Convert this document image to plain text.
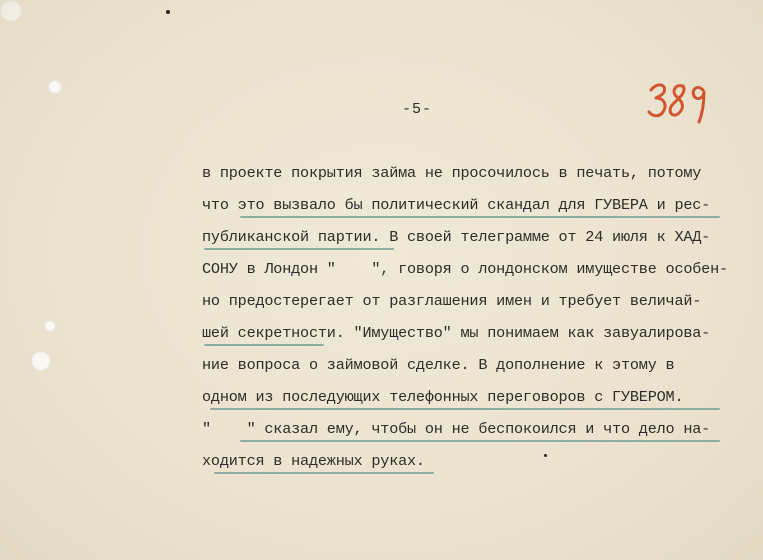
-5-
в проекте покрытия займа не просочилось в печать, потому
что это вызвало бы политический скандал для ГУВЕРА и рес-
публиканской партии. В своей телеграмме от 24 июля к ХАД-
СОНУ в Лондон "    ", говоря о лондонском имуществе особен-
но предостерегает от разглашения имен и требует величай-
шей секретности. "Имущество" мы понимаем как завуалирова-
ние вопроса о займовой сделке. В дополнение к этому в
одном из последующих телефонных переговоров с ГУВЕРОМ.
"    " сказал ему, чтобы он не беспокоился и что дело на-
ходится в надежных руках.
